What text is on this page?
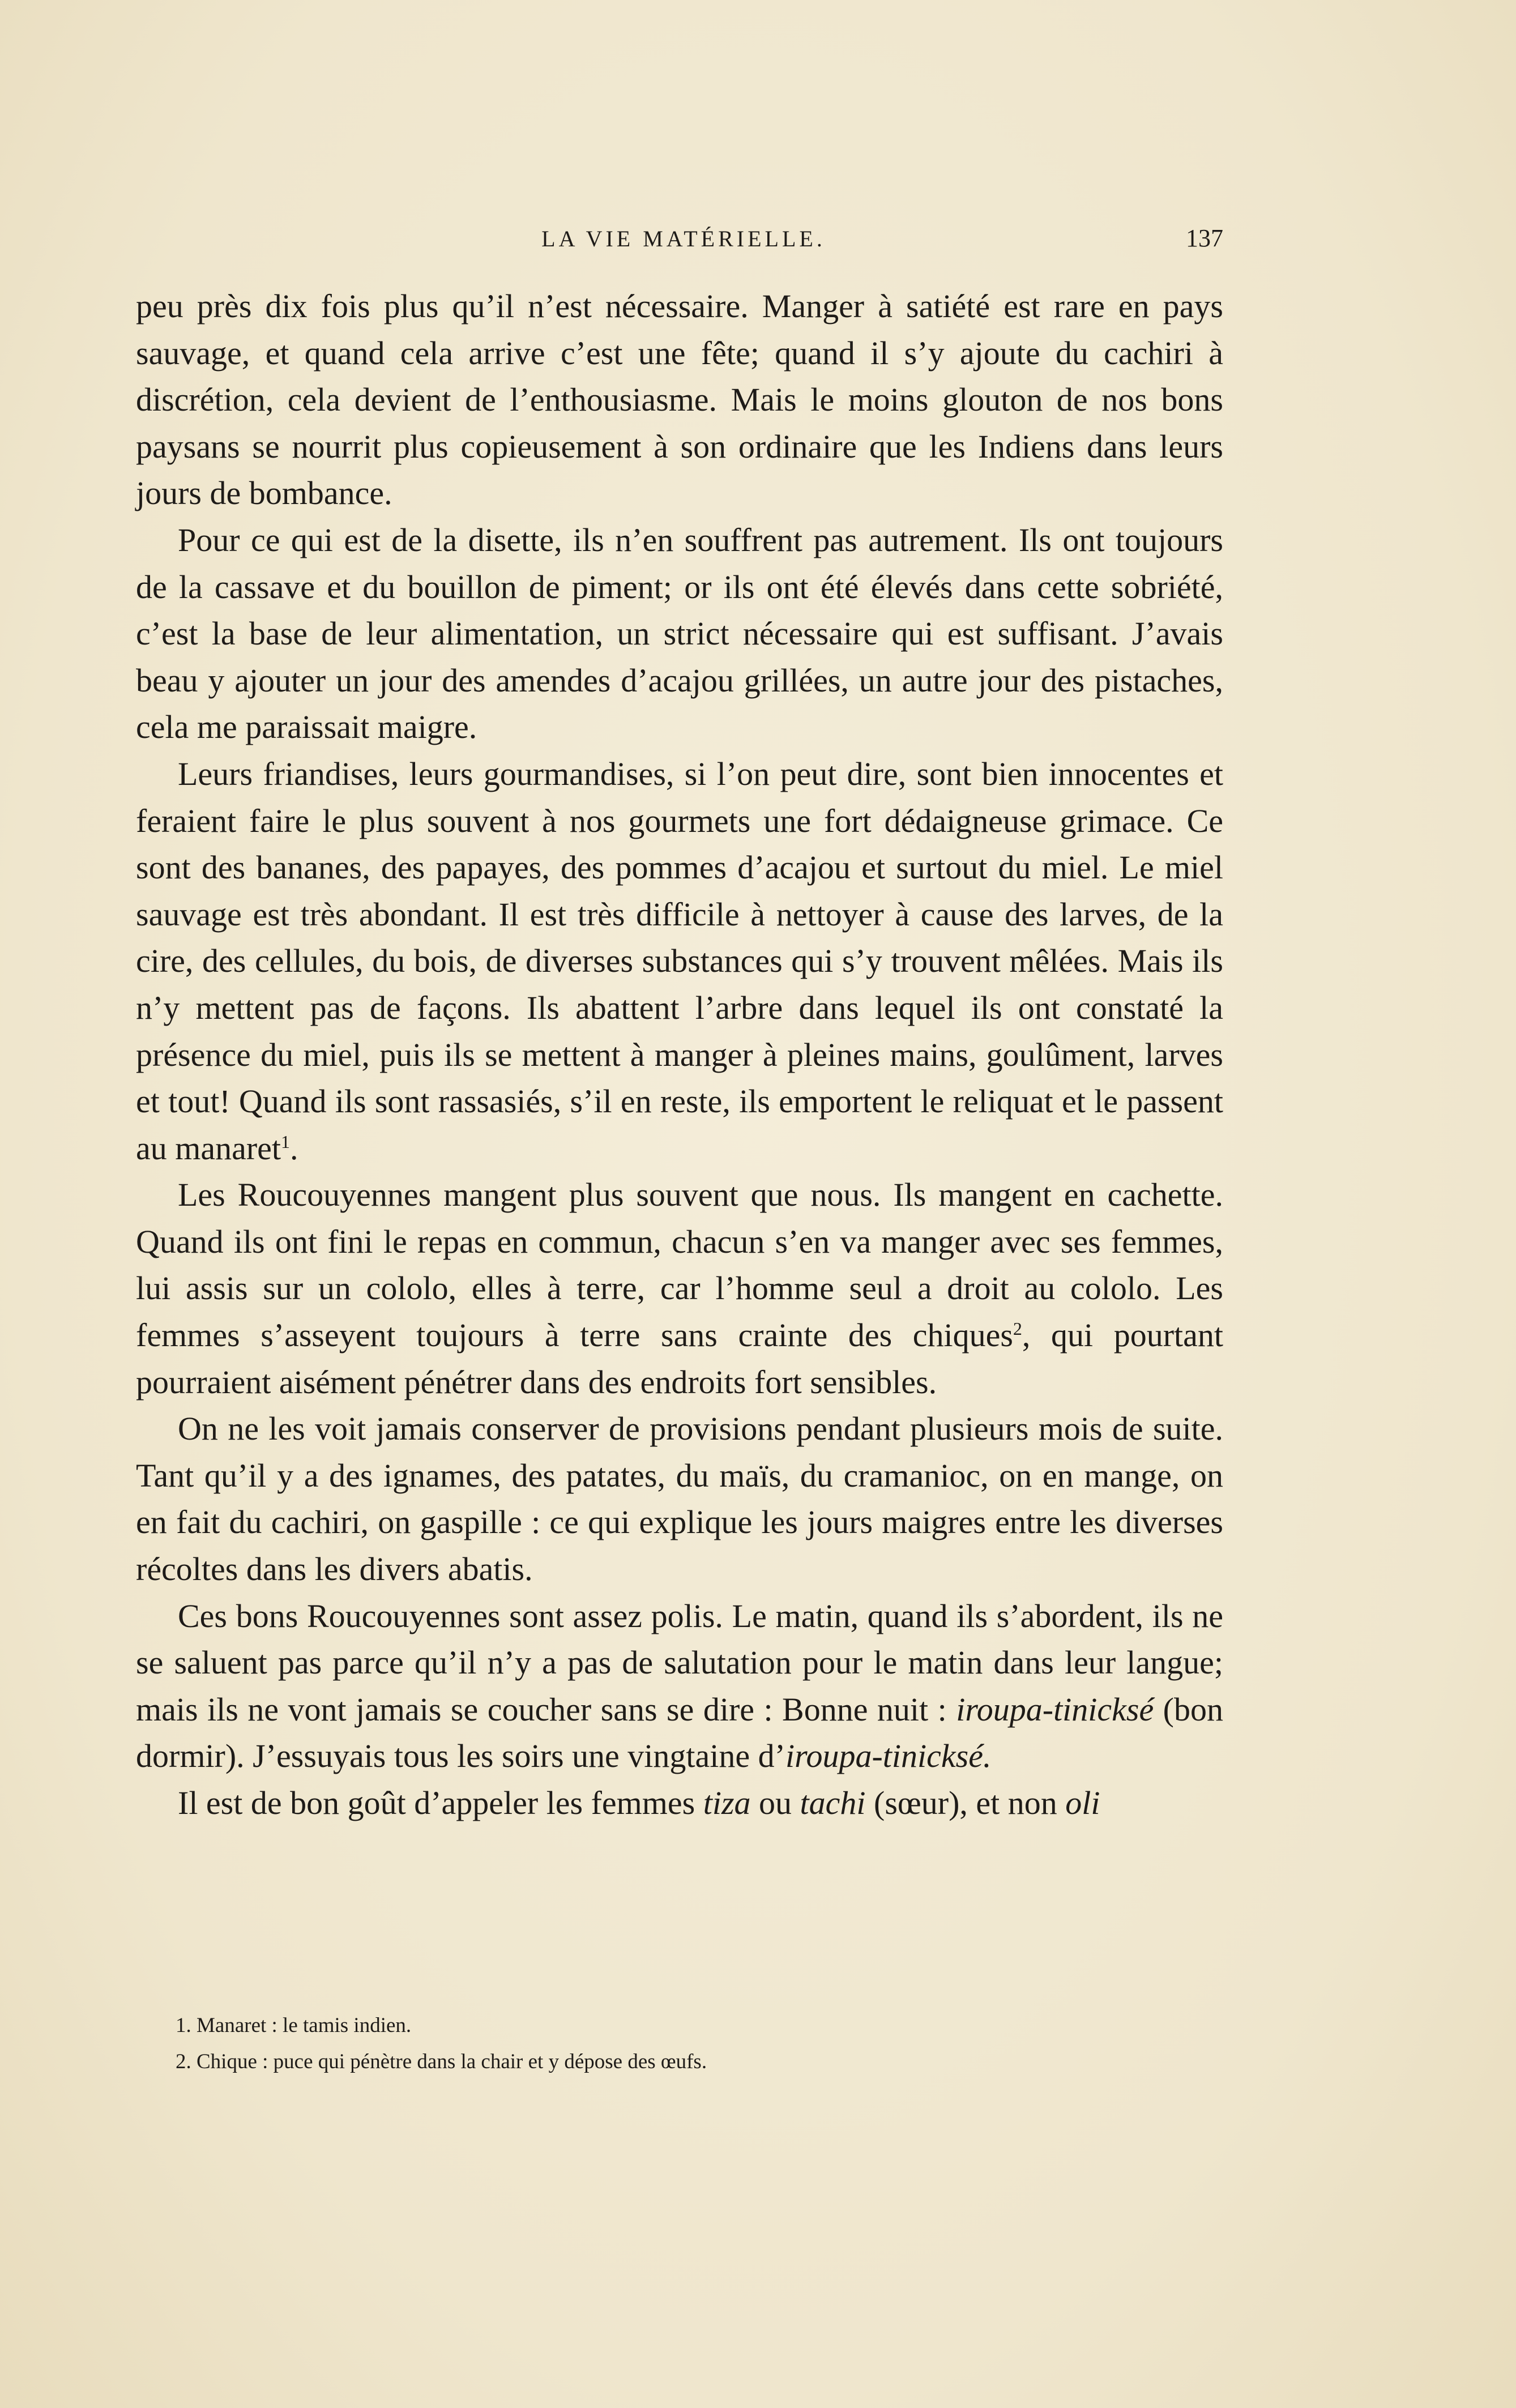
LA VIE MATÉRIELLE.	137

peu près dix fois plus qu’il n’est nécessaire. Manger à satiété est rare en pays sauvage, et quand cela arrive c’est une fête; quand il s’y ajoute du cachiri à discrétion, cela devient de l’enthousiasme. Mais le moins glouton de nos bons paysans se nourrit plus copieusement à son ordinaire que les Indiens dans leurs jours de bombance.

Pour ce qui est de la disette, ils n’en souffrent pas autrement. Ils ont toujours de la cassave et du bouillon de piment; or ils ont été élevés dans cette sobriété, c’est la base de leur alimentation, un strict nécessaire qui est suffisant. J’avais beau y ajouter un jour des amendes d’acajou grillées, un autre jour des pistaches, cela me paraissait maigre.

Leurs friandises, leurs gourmandises, si l’on peut dire, sont bien innocentes et feraient faire le plus souvent à nos gourmets une fort dédaigneuse grimace. Ce sont des bananes, des papayes, des pommes d’acajou et surtout du miel. Le miel sauvage est très abondant. Il est très difficile à nettoyer à cause des larves, de la cire, des cellules, du bois, de diverses substances qui s’y trouvent mêlées. Mais ils n’y mettent pas de façons. Ils abattent l’arbre dans lequel ils ont constaté la présence du miel, puis ils se mettent à manger à pleines mains, goulûment, larves et tout! Quand ils sont rassasiés, s’il en reste, ils emportent le reliquat et le passent au manaret$^1$.

Les Roucouyennes mangent plus souvent que nous. Ils mangent en cachette. Quand ils ont fini le repas en commun, chacun s’en va manger avec ses femmes, lui assis sur un cololo, elles à terre, car l’homme seul a droit au cololo. Les femmes s’asseyent toujours à terre sans crainte des chiques$^2$, qui pourtant pourraient aisément pénétrer dans des endroits fort sensibles.

On ne les voit jamais conserver de provisions pendant plusieurs mois de suite. Tant qu’il y a des ignames, des patates, du maïs, du cramanioc, on en mange, on en fait du cachiri, on gaspille : ce qui explique les jours maigres entre les diverses récoltes dans les divers abatis.

Ces bons Roucouyennes sont assez polis. Le matin, quand ils s’abordent, ils ne se saluent pas parce qu’il n’y a pas de salutation pour le matin dans leur langue; mais ils ne vont jamais se coucher sans se dire : Bonne nuit : iroupa-tinicksé (bon dormir). J’essuyais tous les soirs une vingtaine d’iroupa-tinicksé.

Il est de bon goût d’appeler les femmes tiza ou tachi (sœur), et non oli

1. Manaret : le tamis indien.
2. Chique : puce qui pénètre dans la chair et y dépose des œufs.
